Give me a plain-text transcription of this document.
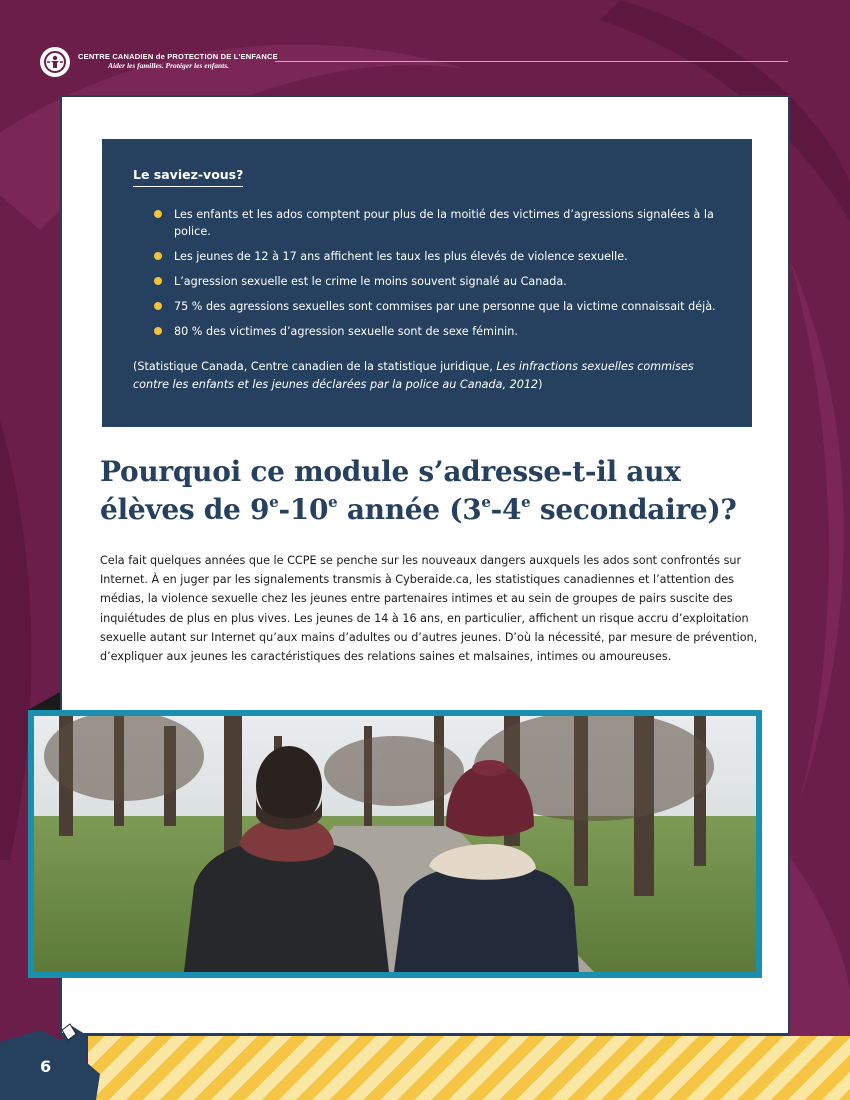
CENTRE CANADIEN de PROTECTION DE L'ENFANCE
Aider les familles. Protéger les enfants.
Le saviez-vous?
Les enfants et les ados comptent pour plus de la moitié des victimes d’agressions signalées à la police.
Les jeunes de 12 à 17 ans affichent les taux les plus élevés de violence sexuelle.
L’agression sexuelle est le crime le moins souvent signalé au Canada.
75 % des agressions sexuelles sont commises par une personne que la victime connaissait déjà.
80 % des victimes d’agression sexuelle sont de sexe féminin.
(Statistique Canada, Centre canadien de la statistique juridique, Les infractions sexuelles commises contre les enfants et les jeunes déclarées par la police au Canada, 2012)
Pourquoi ce module s’adresse-t-il aux
élèves de 9e-10e année (3e-4e secondaire)?

Cela fait quelques années que le CCPE se penche sur les nouveaux dangers auxquels les ados sont confrontés sur Internet. À en juger par les signalements transmis à Cyberaide.ca, les statistiques canadiennes et l’attention des médias, la violence sexuelle chez les jeunes entre partenaires intimes et au sein de groupes de pairs suscite des inquiétudes de plus en plus vives. Les jeunes de 14 à 16 ans, en particulier, affichent un risque accru d’exploitation sexuelle autant sur Internet qu’aux mains d’adultes ou d’autres jeunes. D’où la nécessité, par mesure de prévention, d’expliquer aux jeunes les caractéristiques des relations saines et malsaines, intimes ou amoureuses.

6
